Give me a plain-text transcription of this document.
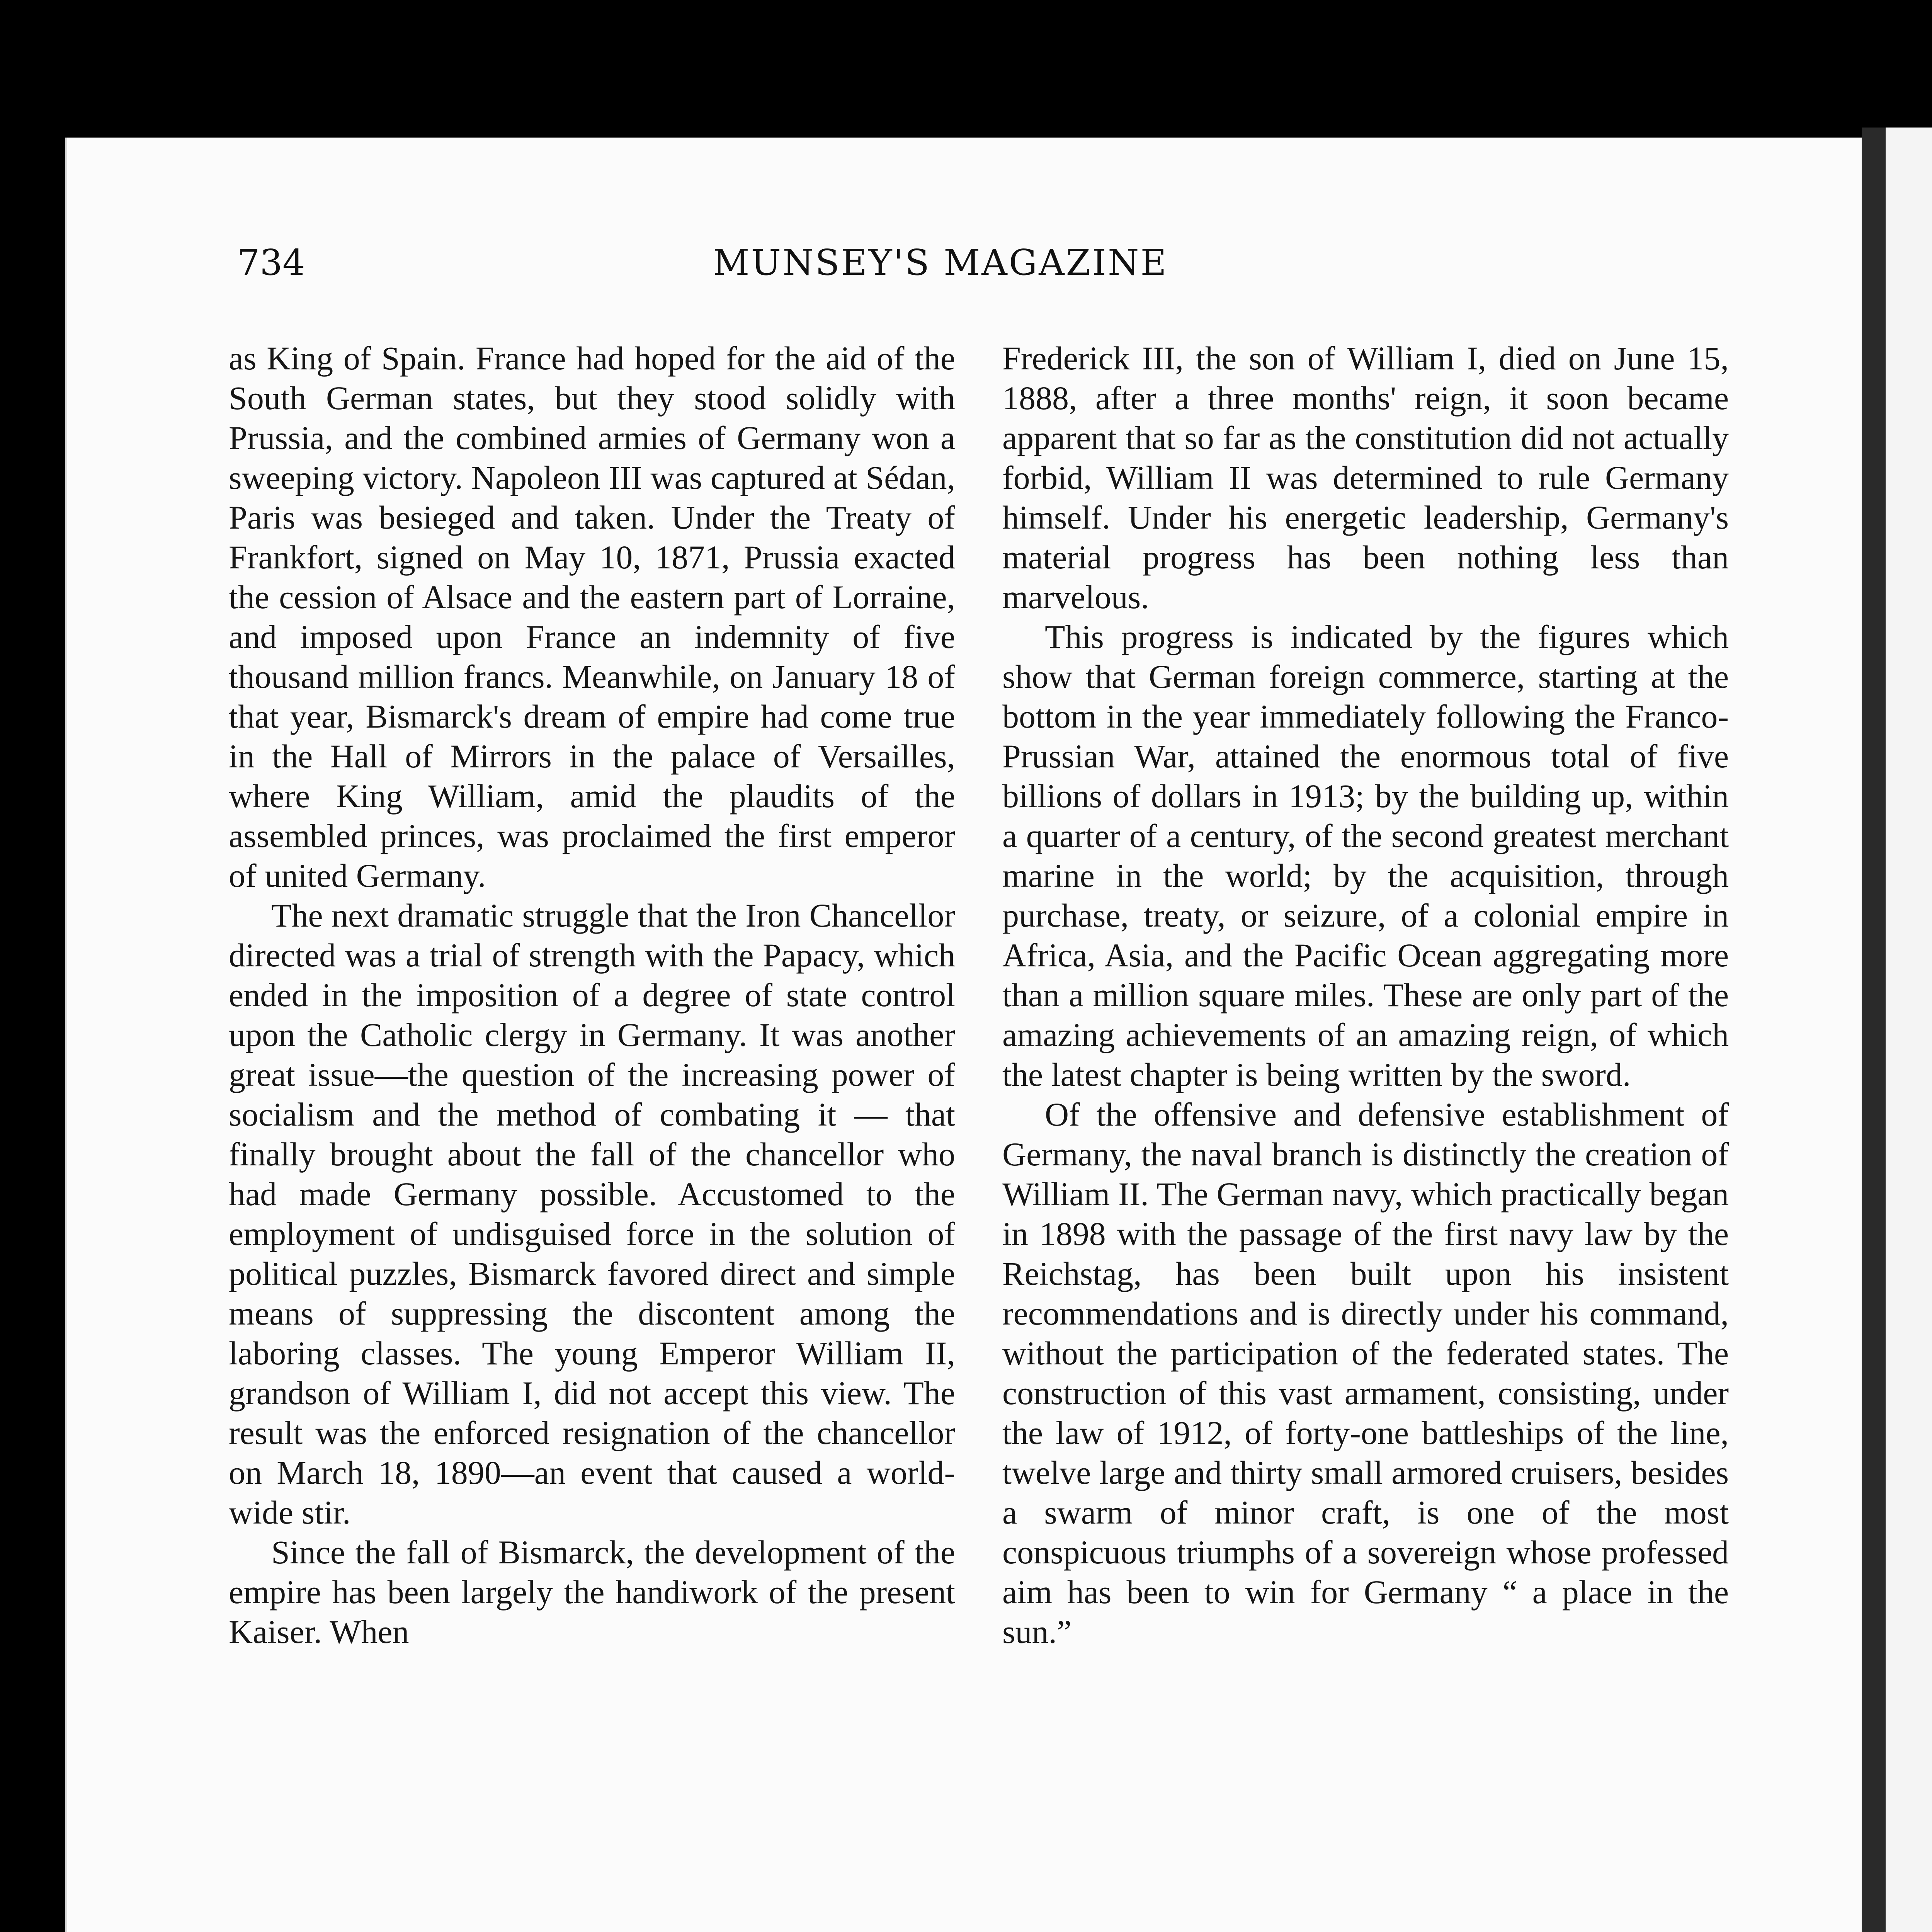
734	MUNSEY'S MAGAZINE

as King of Spain. France had hoped for the aid of the South German states, but they stood solidly with Prussia, and the combined armies of Germany won a sweeping victory. Napoleon III was captured at Sédan, Paris was besieged and taken. Under the Treaty of Frankfort, signed on May 10, 1871, Prussia exacted the cession of Alsace and the eastern part of Lorraine, and imposed upon France an indemnity of five thousand million francs. Meanwhile, on January 18 of that year, Bismarck's dream of empire had come true in the Hall of Mirrors in the palace of Versailles, where King William, amid the plaudits of the assembled princes, was proclaimed the first emperor of united Germany.

The next dramatic struggle that the Iron Chancellor directed was a trial of strength with the Papacy, which ended in the imposition of a degree of state control upon the Catholic clergy in Germany. It was another great issue—the question of the increasing power of socialism and the method of combating it — that finally brought about the fall of the chancellor who had made Germany possible. Accustomed to the employment of undisguised force in the solution of political puzzles, Bismarck favored direct and simple means of suppressing the discontent among the laboring classes. The young Emperor William II, grandson of William I, did not accept this view. The result was the enforced resignation of the chancellor on March 18, 1890—an event that caused a world-wide stir.

Since the fall of Bismarck, the development of the empire has been largely the handiwork of the present Kaiser. When

Frederick III, the son of William I, died on June 15, 1888, after a three months' reign, it soon became apparent that so far as the constitution did not actually forbid, William II was determined to rule Germany himself. Under his energetic leadership, Germany's material progress has been nothing less than marvelous.

This progress is indicated by the figures which show that German foreign commerce, starting at the bottom in the year immediately following the Franco-Prussian War, attained the enormous total of five billions of dollars in 1913; by the building up, within a quarter of a century, of the second greatest merchant marine in the world; by the acquisition, through purchase, treaty, or seizure, of a colonial empire in Africa, Asia, and the Pacific Ocean aggregating more than a million square miles. These are only part of the amazing achievements of an amazing reign, of which the latest chapter is being written by the sword.

Of the offensive and defensive establishment of Germany, the naval branch is distinctly the creation of William II. The German navy, which practically began in 1898 with the passage of the first navy law by the Reichstag, has been built upon his insistent recommendations and is directly under his command, without the participation of the federated states. The construction of this vast armament, consisting, under the law of 1912, of forty-one battleships of the line, twelve large and thirty small armored cruisers, besides a swarm of minor craft, is one of the most conspicuous triumphs of a sovereign whose professed aim has been to win for Germany “ a place in the sun.”
